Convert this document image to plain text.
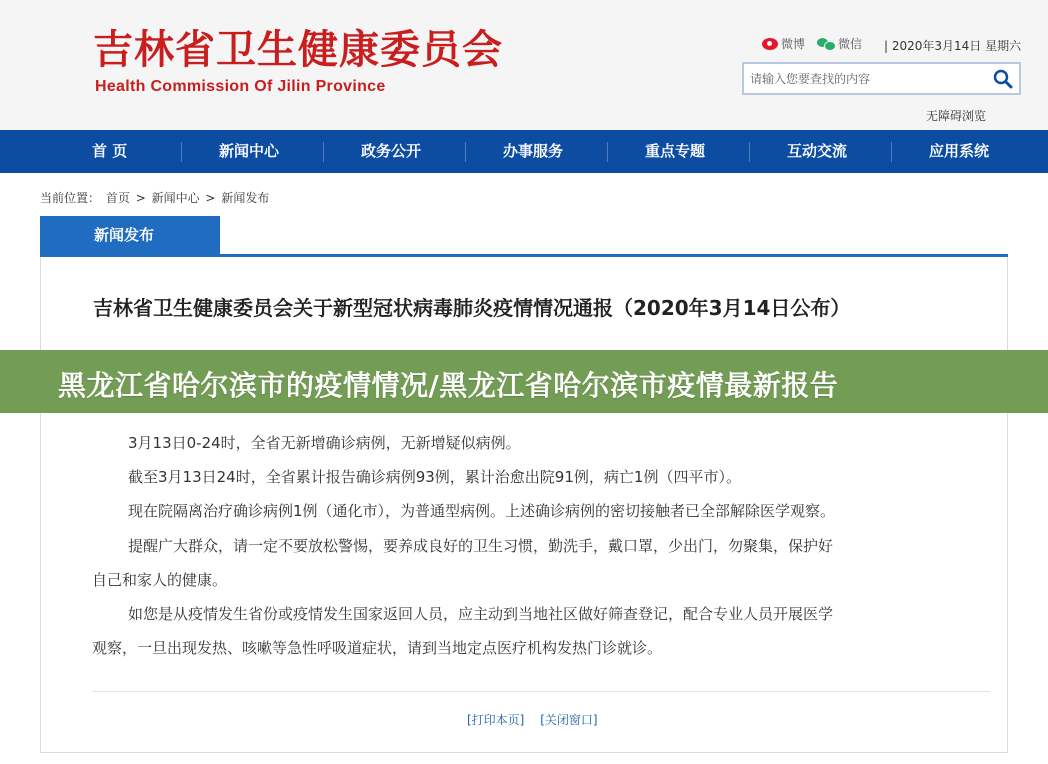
吉林省卫生健康委员会
Health Commission Of Jilin Province
微博	微信 | 2020年3月14日 星期六
请输入您要查找的内容
无障碍浏览
首 页	新闻中心	政务公开	办事服务	重点专题	互动交流	应用系统
当前位置： 首页 > 新闻中心 > 新闻发布
新闻发布
吉林省卫生健康委员会关于新型冠状病毒肺炎疫情情况通报（2020年3月14日公布）
3月13日0-24时，全省无新增确诊病例，无新增疑似病例。
截至3月13日24时，全省累计报告确诊病例93例，累计治愈出院91例，病亡1例（四平市）。
现在院隔离治疗确诊病例1例（通化市），为普通型病例。上述确诊病例的密切接触者已全部解除医学观察。
提醒广大群众，请一定不要放松警惕，要养成良好的卫生习惯，勤洗手，戴口罩，少出门，勿聚集，保护好
自己和家人的健康。
如您是从疫情发生省份或疫情发生国家返回人员，应主动到当地社区做好筛查登记，配合专业人员开展医学
观察，一旦出现发热、咳嗽等急性呼吸道症状，请到当地定点医疗机构发热门诊就诊。
[打印本页] [关闭窗口]
黑龙江省哈尔滨市的疫情情况/黑龙江省哈尔滨市疫情最新报告
